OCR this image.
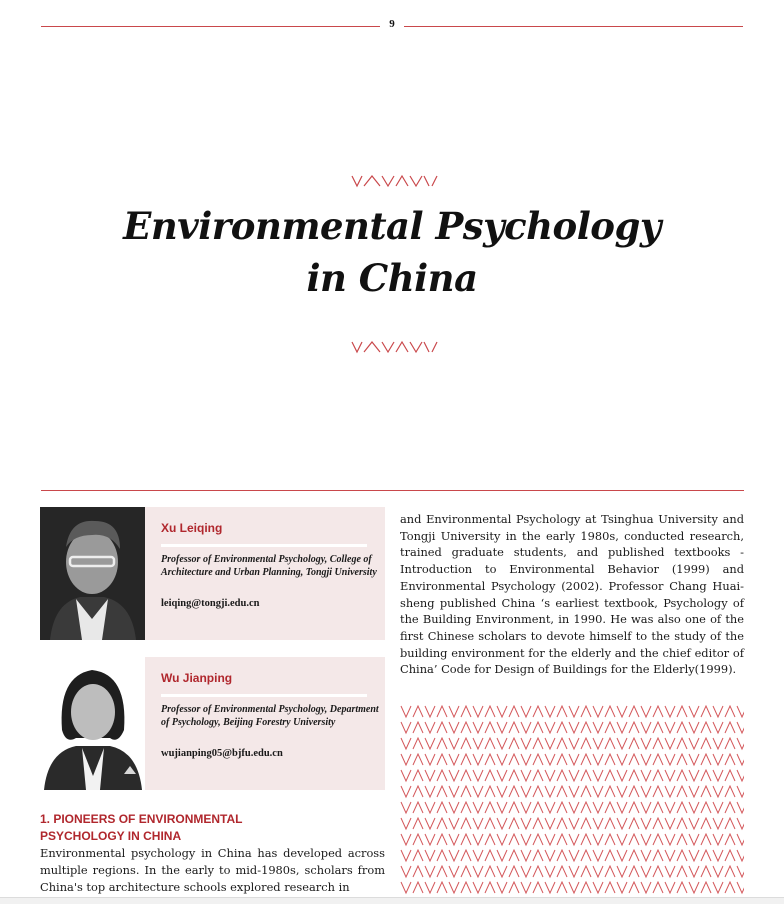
9
Environmental Psychology
in China
Xu Leiqing
Professor of Environmental Psychology, College of Architecture and Urban Planning, Tongji University
leiqing@tongji.edu.cn
Wu Jianping
Professor of Environmental Psychology, Department of Psychology, Beijing Forestry University
wujianping05@bjfu.edu.cn
1. PIONEERS OF ENVIRONMENTAL
PSYCHOLOGY IN CHINA
Environmental psychology in China has developed across multiple regions. In the early to mid-1980s, scholars from China's top architecture schools explored research in
and Environmental Psychology at Tsinghua University and Tongji University in the early 1980s, conducted research, trained graduate students, and published textbooks - Introduction to Environmental Behavior (1999) and Environmental Psychology (2002). Professor Chang Huai-sheng published China ‘s earliest textbook, Psychology of the Building Environment, in 1990. He was also one of the first Chinese scholars to devote himself to the study of the building environment for the elderly and the chief editor of China’ Code for Design of Buildings for the Elderly(1999).
